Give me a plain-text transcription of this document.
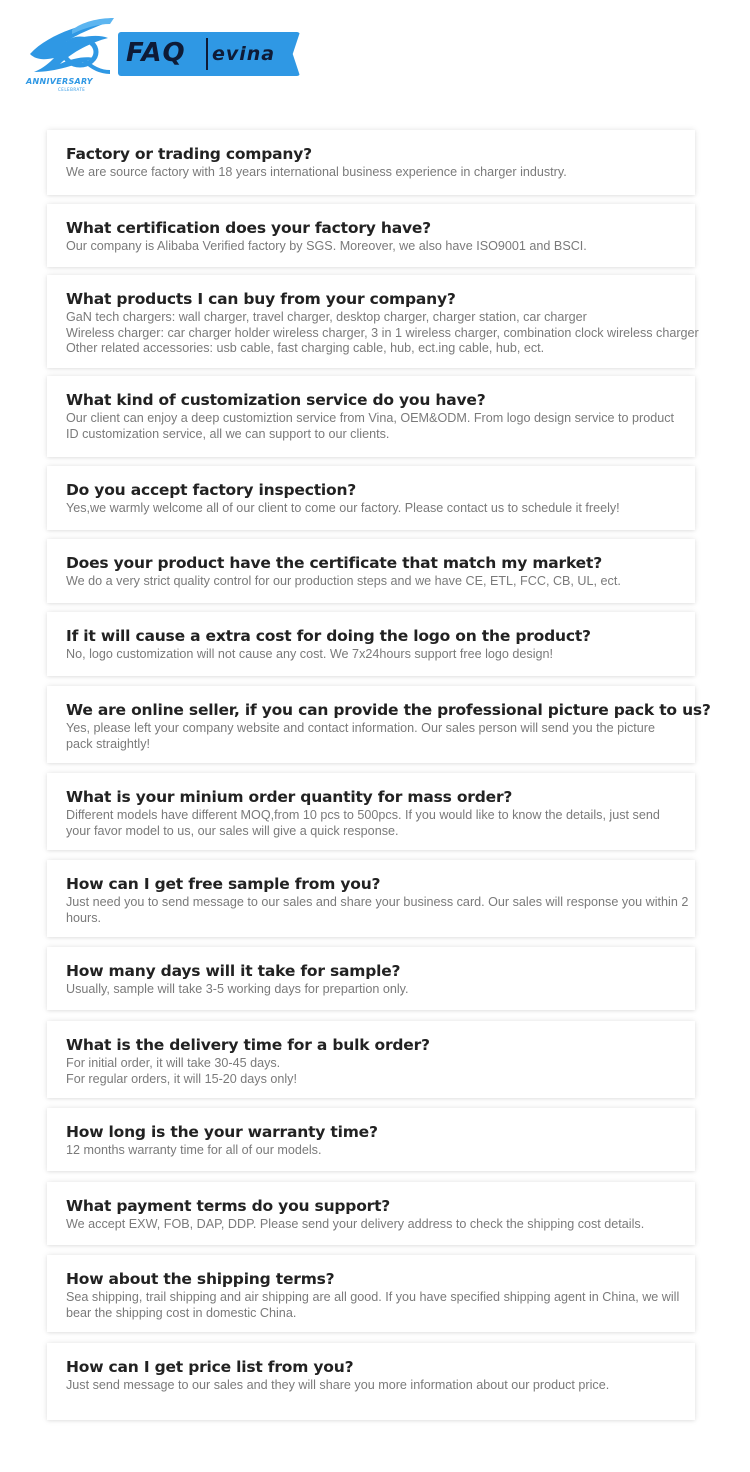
FAQ evina
ANNIVERSARY
CELEBRATE
Factory or trading company?
We are source factory with 18 years international business experience in charger industry.
What certification does your factory have?
Our company is Alibaba Verified factory by SGS. Moreover, we also have ISO9001 and BSCI.
What products I can buy from your company?
GaN tech chargers: wall charger, travel charger, desktop charger, charger station, car charger
Wireless charger: car charger holder wireless charger, 3 in 1 wireless charger, combination clock wireless charger
Other related accessories: usb cable, fast charging cable, hub, ect.ing cable, hub, ect.
What kind of customization service do you have?
Our client can enjoy a deep customiztion service from Vina, OEM&ODM. From logo design service to product
ID customization service, all we can support to our clients.
Do you accept factory inspection?
Yes,we warmly welcome all of our client to come our factory. Please contact us to schedule it freely!
Does your product have the certificate that match my market?
We do a very strict quality control for our production steps and we have CE, ETL, FCC, CB, UL, ect.
If it will cause a extra cost for doing the logo on the product?
No, logo customization will not cause any cost. We 7x24hours support free logo design!
We are online seller, if you can provide the professional picture pack to us?
Yes, please left your company website and contact information. Our sales person will send you the picture
pack straightly!
What is your minium order quantity for mass order?
Different models have different MOQ,from 10 pcs to 500pcs. If you would like to know the details, just send
your favor model to us, our sales will give a quick response.
How can I get free sample from you?
Just need you to send message to our sales and share your business card. Our sales will response you within 2
hours.
How many days will it take for sample?
Usually, sample will take 3-5 working days for prepartion only.
What is the delivery time for a bulk order?
For initial order, it will take 30-45 days.
For regular orders, it will 15-20 days only!
How long is the your warranty time?
12 months warranty time for all of our models.
What payment terms do you support?
We accept EXW, FOB, DAP, DDP. Please send your delivery address to check the shipping cost details.
How about the shipping terms?
Sea shipping, trail shipping and air shipping are all good. If you have specified shipping agent in China, we will
bear the shipping cost in domestic China.
How can I get price list from you?
Just send message to our sales and they will share you more information about our product price.
